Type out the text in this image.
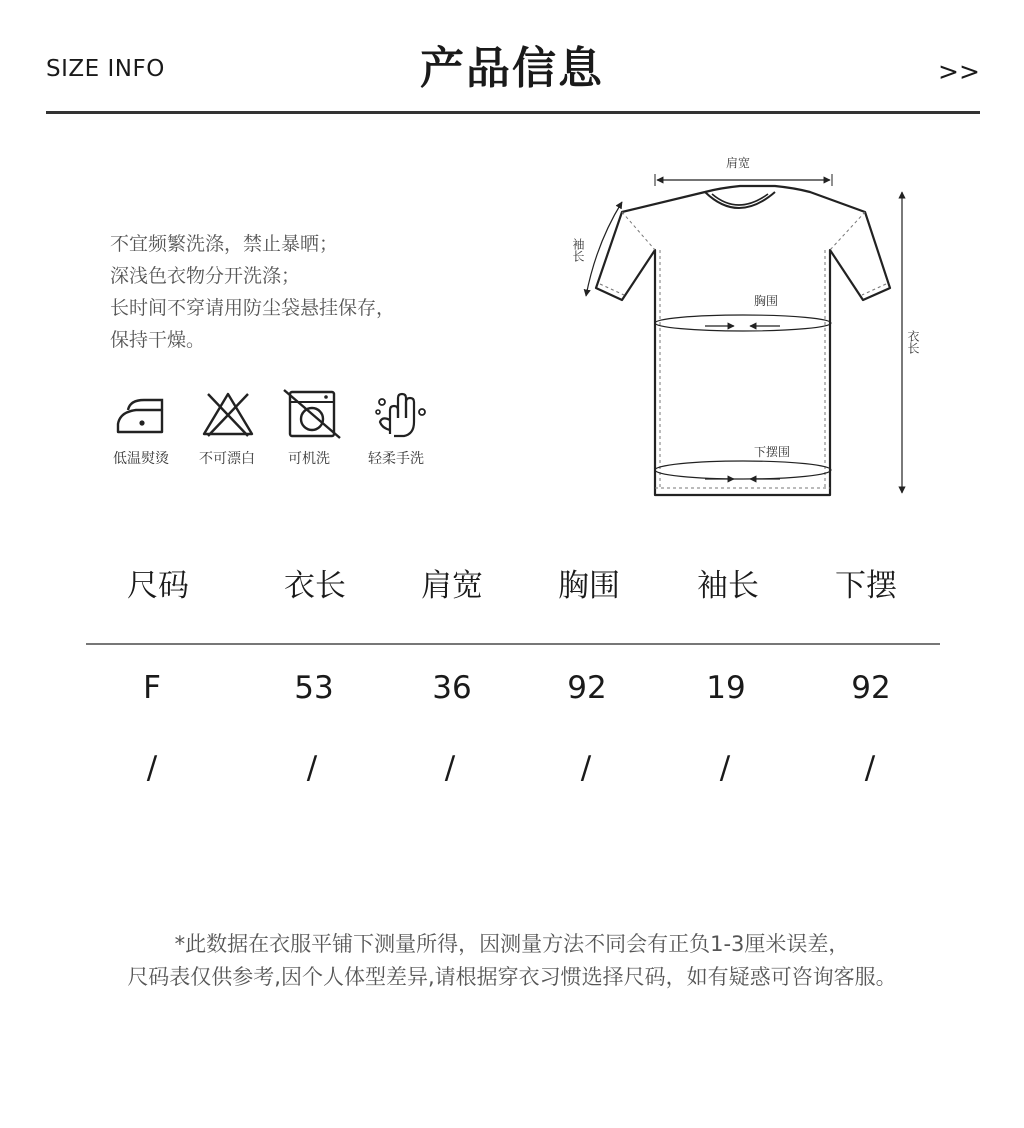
SIZE INFO	产品信息	>>
不宜频繁洗涤，禁止暴晒；
深浅色衣物分开洗涤；
长时间不穿请用防尘袋悬挂保存，
保持干燥。
低温熨烫	不可漂白	可机洗	轻柔手洗
肩宽
袖长
衣长
胸围
下摆围
尺码	衣长	肩宽	胸围	袖长	下摆
F	53	36	92	19	92
/	/	/	/	/	/
*此数据在衣服平铺下测量所得，因测量方法不同会有正负1-3厘米误差，
尺码表仅供参考,因个人体型差异,请根据穿衣习惯选择尺码，如有疑惑可咨询客服。
